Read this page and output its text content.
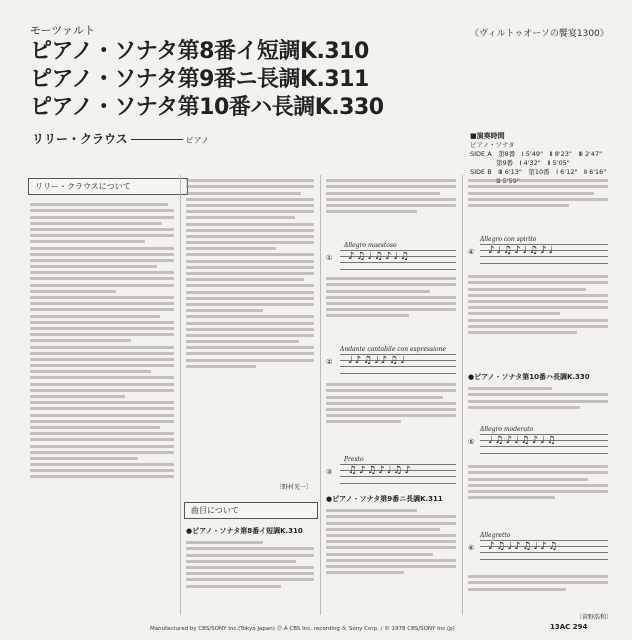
モーツァルト	《ヴィルトゥオーソの饗宴1300》
ピアノ・ソナタ第8番イ短調K.310
ピアノ・ソナタ第9番ニ長調K.311
ピアノ・ソナタ第10番ハ長調K.330
リリー・クラウス	ピアノ	■演奏時間
ピアノ・ソナタ
SIDE A　第8番　Ⅰ 5'49"　Ⅱ 8'23"　Ⅲ 2'47"
第9番　Ⅰ 4'32"　Ⅱ 5'05"
SIDE B　Ⅲ 6'13"　第10番　Ⅰ 6'12"　Ⅱ 6'16"
リリー・クラウスについて
〔野村光一〕
曲目について
●ピアノ・ソナタ第8番イ短調K.310
Allegro maestoso
① ♪♫♩♫♪♩♫
Andante cantabile con espressione
② ♩♪♫♩♪♫♩
Presto
③ ♫♪♫♪♩♫♪
●ピアノ・ソナタ第9番ニ長調K.311
Allegro con spirito
④ ♪♩♫♪♩♫♪♩
●ピアノ・ソナタ第10番ハ長調K.330
Allegro moderato
⑤ ♩♫♪♩♫♪♩♫
Allegretto
⑥ ♪♫♩♪♫♩♪♫
〔菅野浩和〕
Manufactured by CBS/SONY Inc.(Tokyo Japan) ⓟ A CBS Inc. recording ＆ Sony Corp. / © 1978 CBS/SONY Inc.(p)	13AC 294
